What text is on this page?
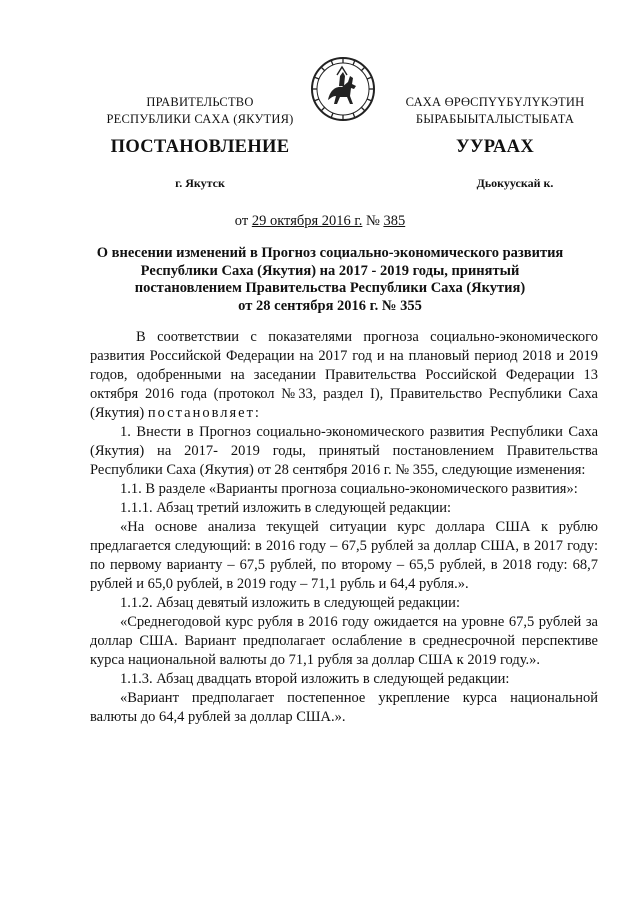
ПРАВИТЕЛЬСТВО
РЕСПУБЛИКИ САХА (ЯКУТИЯ)
САХА ӨРӨСПҮҮБҮЛҮКЭТИН
БЫРАБЫЫТАЛЫСТЫБАТА
ПОСТАНОВЛЕНИЕ	УУРААХ
г. Якутск	Дьокуускай к.
от 29 октября 2016 г. № 385
О внесении изменений в Прогноз социально-экономического развития
Республики Саха (Якутия) на 2017 - 2019 годы, принятый
постановлением Правительства Республики Саха (Якутия)
от 28 сентября 2016 г. № 355

В соответствии с показателями прогноза социально-экономического развития Российской Федерации на 2017 год и на плановый период 2018 и 2019 годов, одобренными на заседании Правительства Российской Федерации 13 октября 2016 года (протокол №33, раздел I), Правительство Республики Саха (Якутия) постановляет:

1. Внести в Прогноз социально-экономического развития Республики Саха (Якутия) на 2017- 2019 годы, принятый постановлением Правительства Республики Саха (Якутия) от 28 сентября 2016 г. № 355, следующие изменения:

1.1. В разделе «Варианты прогноза социально-экономического развития»:

1.1.1. Абзац третий изложить в следующей редакции:

«На основе анализа текущей ситуации курс доллара США к рублю предлагается следующий: в 2016 году – 67,5 рублей за доллар США, в 2017 году: по первому варианту – 67,5 рублей, по второму – 65,5 рублей, в 2018 году: 68,7 рублей и 65,0 рублей, в 2019 году – 71,1 рубль и 64,4 рубля.».

1.1.2. Абзац девятый изложить в следующей редакции:

«Среднегодовой курс рубля в 2016 году ожидается на уровне 67,5 рублей за доллар США. Вариант предполагает ослабление в среднесрочной перспективе курса национальной валюты до 71,1 рубля за доллар США к 2019 году.».

1.1.3. Абзац двадцать второй изложить в следующей редакции:

«Вариант предполагает постепенное укрепление курса национальной валюты до 64,4 рублей за доллар США.».
